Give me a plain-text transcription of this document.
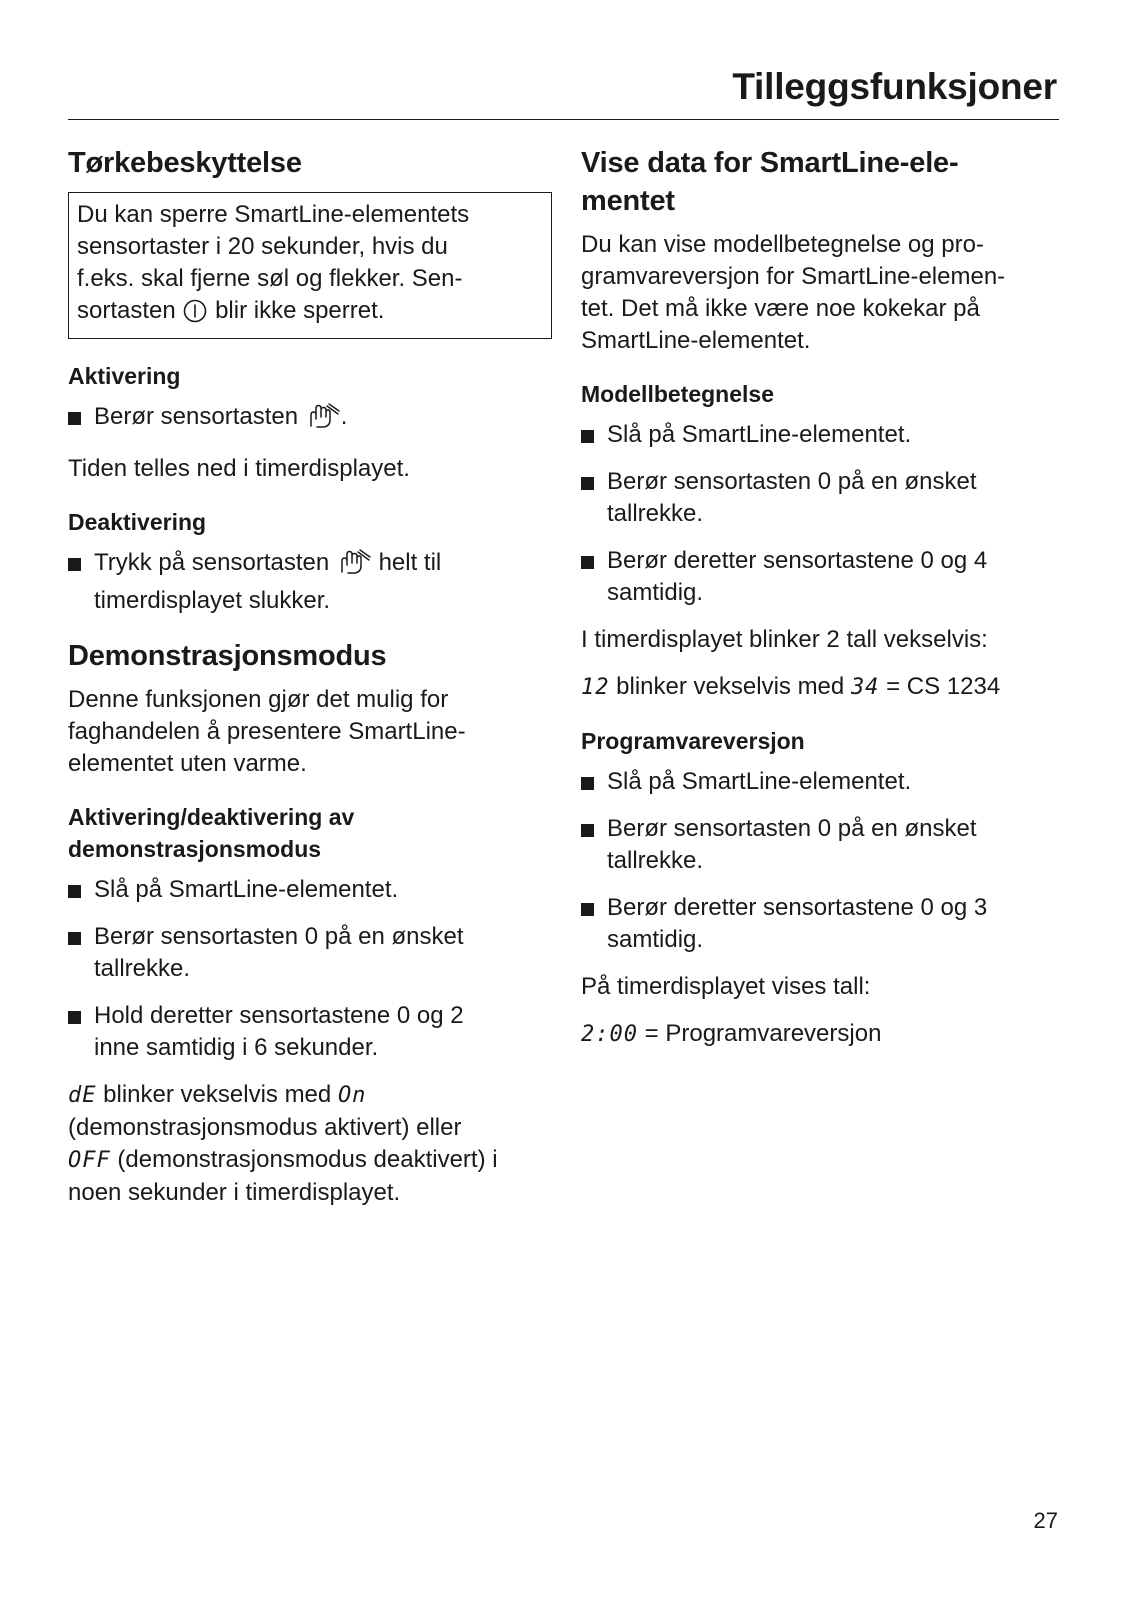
Tilleggsfunksjoner
Tørkebeskyttelse
Du kan sperre SmartLine-elementets
sensortaster i 20 sekunder, hvis du
f.eks. skal fjerne søl og flekker. Sen-
sortasten blir ikke sperret.
Aktivering
Berør sensortasten .

Tiden telles ned i timerdisplayet.

Deaktivering
Trykk på sensortasten helt til
timerdisplayet slukker.
Demonstrasjonsmodus

Denne funksjonen gjør det mulig for

faghandelen å presentere SmartLine-

elementet uten varme.

Aktivering/deaktivering av
demonstrasjonsmodus
Slå på SmartLine-elementet.
Berør sensortasten 0 på en ønsket
tallrekke.
Hold deretter sensortastene 0 og 2
inne samtidig i 6 sekunder.

dE blinker vekselvis med On

(demonstrasjonsmodus aktivert) eller

OFF (demonstrasjonsmodus deaktivert) i

noen sekunder i timerdisplayet.

Vise data for SmartLine-ele-
mentet

Du kan vise modellbetegnelse og pro-

gramvareversjon for SmartLine-elemen-

tet. Det må ikke være noe kokekar på

SmartLine-elementet.

Modellbetegnelse
Slå på SmartLine-elementet.
Berør sensortasten 0 på en ønsket
tallrekke.
Berør deretter sensortastene 0 og 4
samtidig.

I timerdisplayet blinker 2 tall vekselvis:

12 blinker vekselvis med 34 = CS 1234

Programvareversjon
Slå på SmartLine-elementet.
Berør sensortasten 0 på en ønsket
tallrekke.
Berør deretter sensortastene 0 og 3
samtidig.

På timerdisplayet vises tall:

2:00 = Programvareversjon

27
